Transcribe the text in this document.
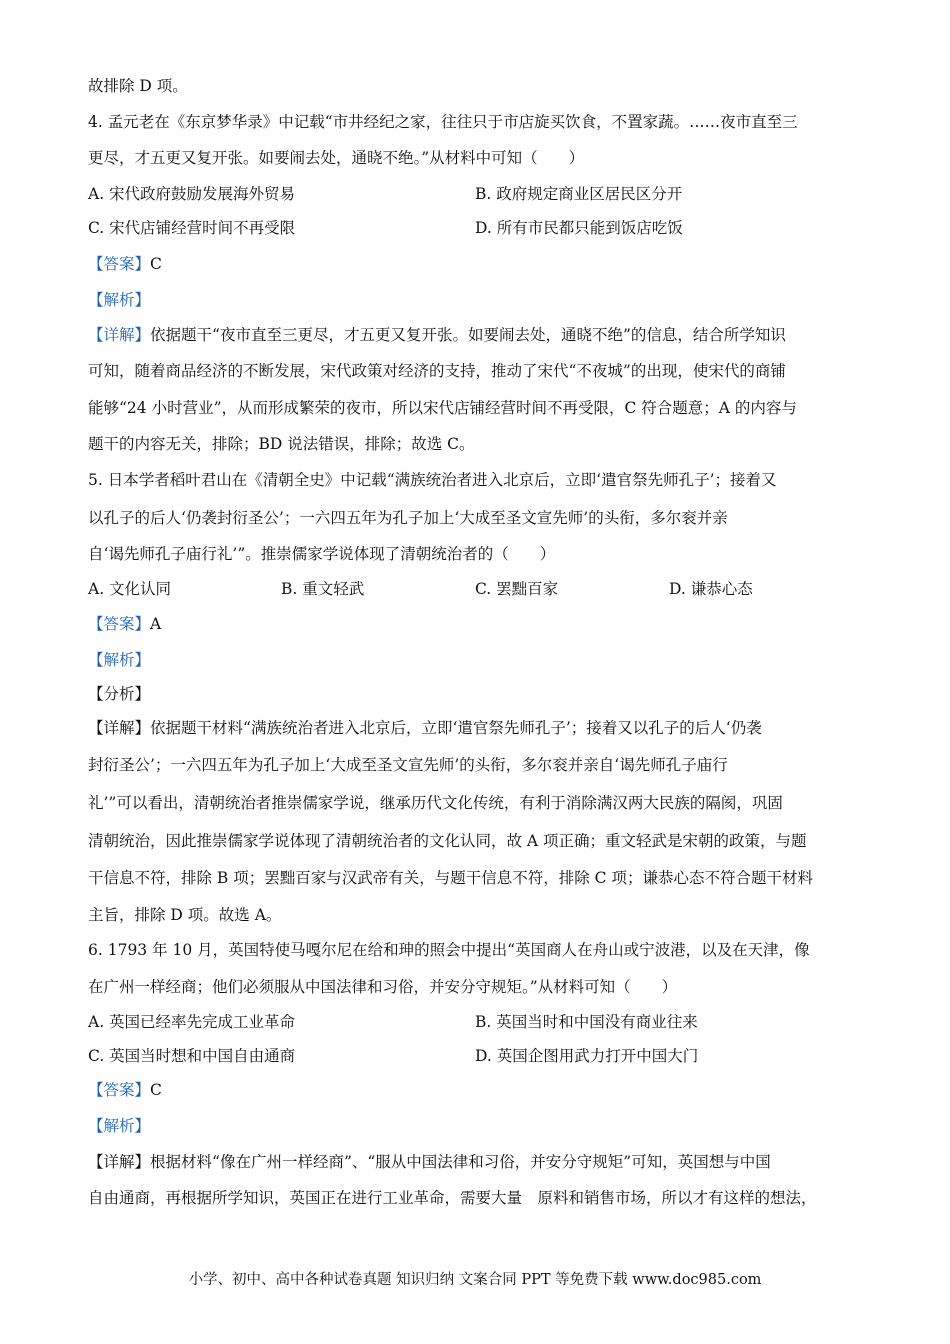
故排除 D 项。
4. 孟元老在《东京梦华录》中记载“市井经纪之家，往往只于市店旋买饮食，不置家蔬。……夜市直至三
更尽，才五更又复开张。如要闹去处，通晓不绝。”从材料中可知（　　）
A. 宋代政府鼓励发展海外贸易	B. 政府规定商业区居民区分开
C. 宋代店铺经营时间不再受限	D. 所有市民都只能到饭店吃饭
【答案】C
【解析】
【详解】依据题干“夜市直至三更尽，才五更又复开张。如要闹去处，通晓不绝”的信息，结合所学知识
可知，随着商品经济的不断发展，宋代政策对经济的支持，推动了宋代“不夜城”的出现，使宋代的商铺
能够“24 小时营业”，从而形成繁荣的夜市，所以宋代店铺经营时间不再受限，C 符合题意；A 的内容与
题干的内容无关，排除；BD 说法错误，排除；故选 C。
5. 日本学者稻叶君山在《清朝全史》中记载“满族统治者进入北京后，立即‘遣官祭先师孔子’；接着又
以孔子的后人‘仍袭封衍圣公’；一六四五年为孔子加上‘大成至圣文宣先师’的头衔，多尔衮并亲
自‘谒先师孔子庙行礼’”。推崇儒家学说体现了清朝统治者的（　　）
A. 文化认同	B. 重文轻武	C. 罢黜百家	D. 谦恭心态
【答案】A
【解析】
【分析】
【详解】依据题干材料“满族统治者进入北京后，立即‘遣官祭先师孔子’；接着又以孔子的后人‘仍袭
封衍圣公’；一六四五年为孔子加上‘大成至圣文宣先师’的头衔，多尔衮并亲自‘谒先师孔子庙行
礼’”可以看出，清朝统治者推崇儒家学说，继承历代文化传统，有利于消除满汉两大民族的隔阂，巩固
清朝统治，因此推崇儒家学说体现了清朝统治者的文化认同，故 A 项正确；重文轻武是宋朝的政策，与题
干信息不符，排除 B 项；罢黜百家与汉武帝有关，与题干信息不符，排除 C 项；谦恭心态不符合题干材料
主旨，排除 D 项。故选 A。
6. 1793 年 10 月，英国特使马嘎尔尼在给和珅的照会中提出“英国商人在舟山或宁波港，以及在天津，像
在广州一样经商；他们必须服从中国法律和习俗，并安分守规矩。”从材料可知（　　）
A. 英国已经率先完成工业革命	B. 英国当时和中国没有商业往来
C. 英国当时想和中国自由通商	D. 英国企图用武力打开中国大门
【答案】C
【解析】
【详解】根据材料“像在广州一样经商”、“服从中国法律和习俗，并安分守规矩”可知，英国想与中国
自由通商，再根据所学知识，英国正在进行工业革命，需要大量　原料和销售市场，所以才有这样的想法，
小学、初中、高中各种试卷真题 知识归纳 文案合同 PPT 等免费下载 www.doc985.com
